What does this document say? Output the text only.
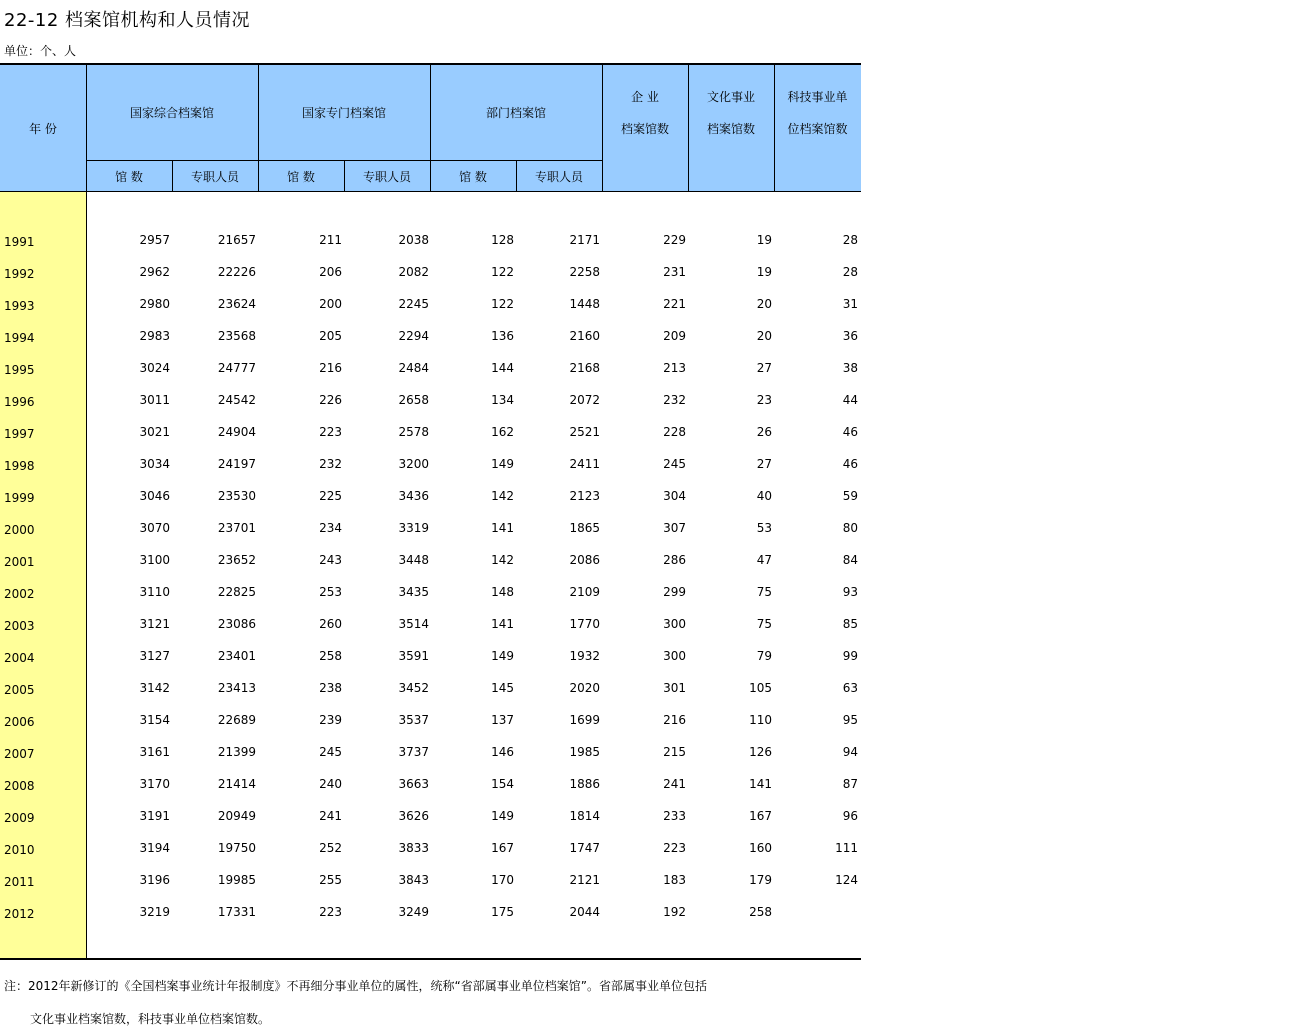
22-12 档案馆机构和人员情况
单位：个、人
年 份
国家综合档案馆	国家专门档案馆	部门档案馆
企 业
档案馆数
文化事业
档案馆数
科技事业单
位档案馆数
馆 数	专职人员	馆 数	专职人员	馆 数	专职人员
1991	2957	21657	211	2038	128	2171	229	19	28
1992	2962	22226	206	2082	122	2258	231	19	28
1993	2980	23624	200	2245	122	1448	221	20	31
1994	2983	23568	205	2294	136	2160	209	20	36
1995	3024	24777	216	2484	144	2168	213	27	38
1996	3011	24542	226	2658	134	2072	232	23	44
1997	3021	24904	223	2578	162	2521	228	26	46
1998	3034	24197	232	3200	149	2411	245	27	46
1999	3046	23530	225	3436	142	2123	304	40	59
2000	3070	23701	234	3319	141	1865	307	53	80
2001	3100	23652	243	3448	142	2086	286	47	84
2002	3110	22825	253	3435	148	2109	299	75	93
2003	3121	23086	260	3514	141	1770	300	75	85
2004	3127	23401	258	3591	149	1932	300	79	99
2005	3142	23413	238	3452	145	2020	301	105	63
2006	3154	22689	239	3537	137	1699	216	110	95
2007	3161	21399	245	3737	146	1985	215	126	94
2008	3170	21414	240	3663	154	1886	241	141	87
2009	3191	20949	241	3626	149	1814	233	167	96
2010	3194	19750	252	3833	167	1747	223	160	111
2011	3196	19985	255	3843	170	2121	183	179	124
2012	3219	17331	223	3249	175	2044	192	258
注：2012年新修订的《全国档案事业统计年报制度》不再细分事业单位的属性，统称“省部属事业单位档案馆”。省部属事业单位包括
文化事业档案馆数，科技事业单位档案馆数。
